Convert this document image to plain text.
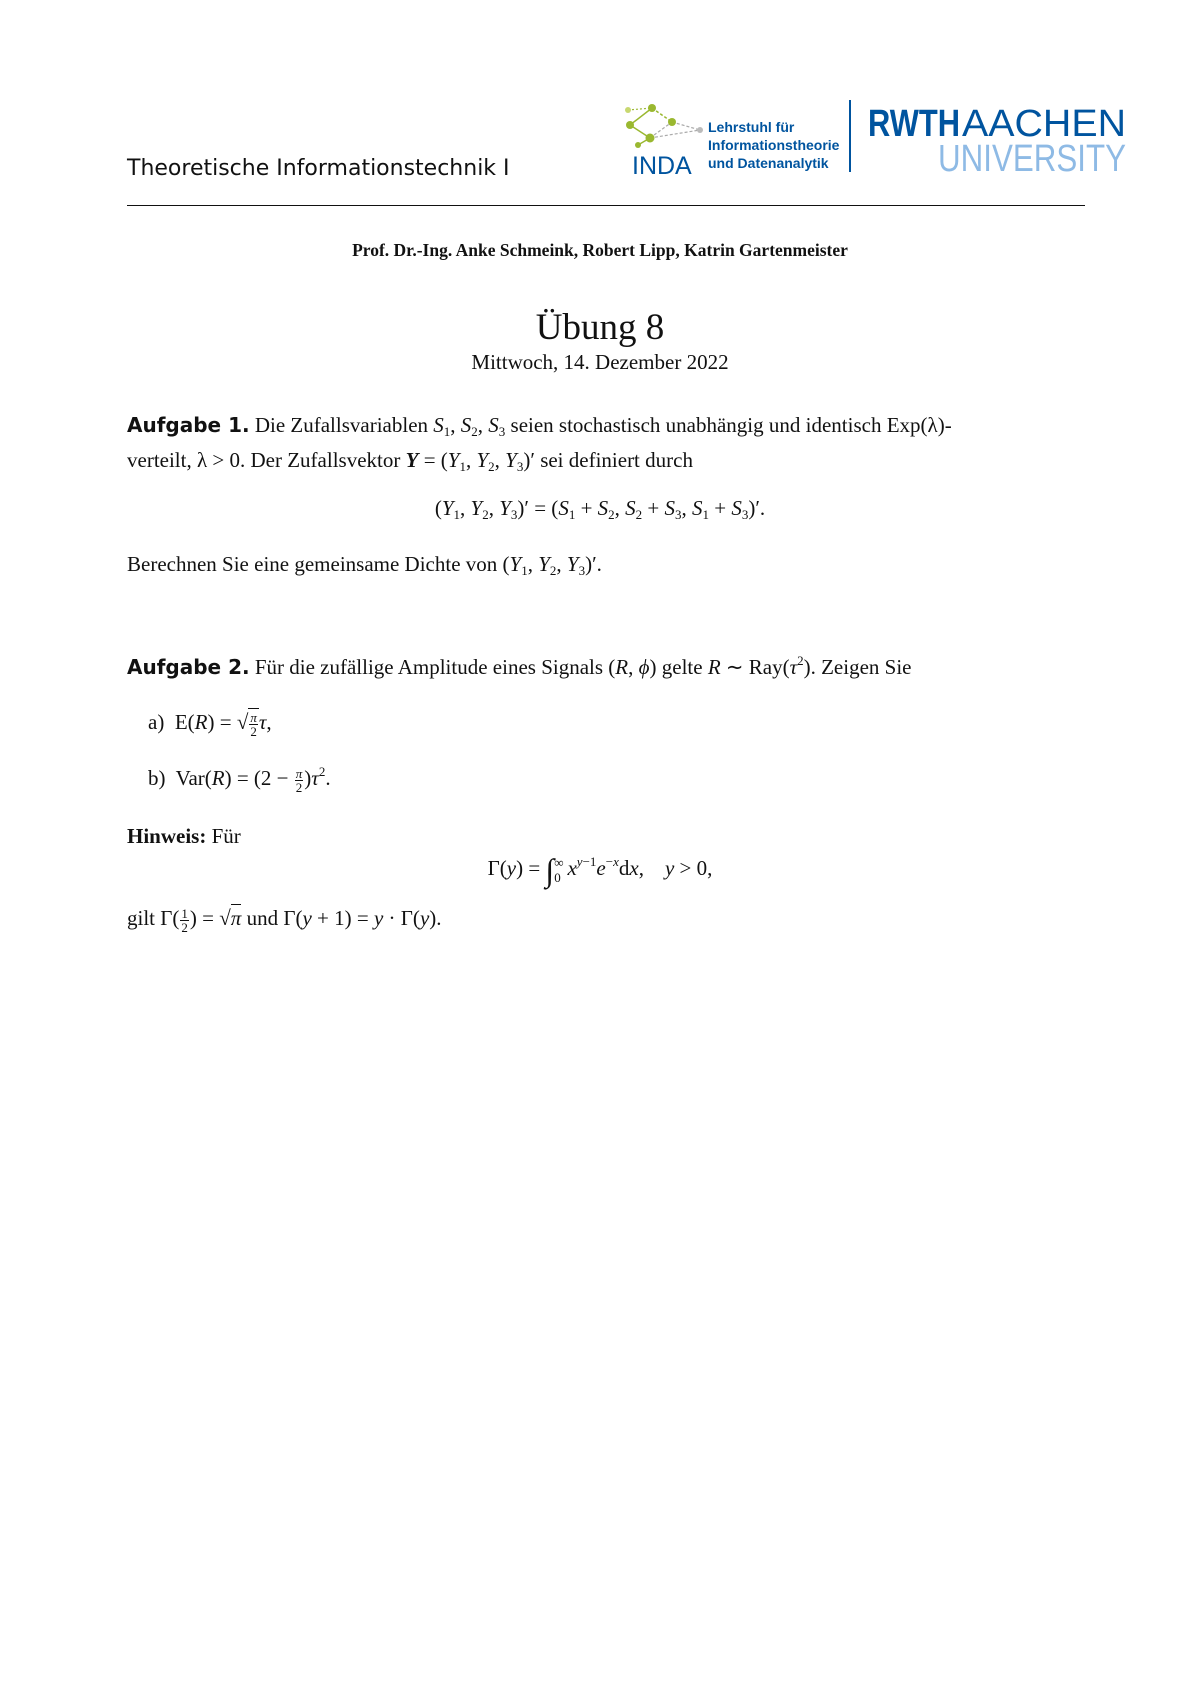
Theoretische Informationstechnik I	INDA
Lehrstuhl für
Informationstheorie
und Datenanalytik
RWTH AACHEN
UNIVERSITY
Prof. Dr.-Ing. Anke Schmeink, Robert Lipp, Katrin Gartenmeister
Übung 8
Mittwoch, 14. Dezember 2022
Aufgabe 1. Die Zufallsvariablen $S_1$, $S_2$, $S_3$ seien stochastisch unabhängig und identisch Exp(λ)-
verteilt, λ > 0. Der Zufallsvektor $Y = (Y_1$, $Y_2$, $Y_3)'$ sei definiert durch
($Y_1$, $Y_2$, $Y_3)' = (S_1 + S_2$, $S_2 + S_3$, $S_1 + S_3)'$.
Berechnen Sie eine gemeinsame Dichte von ($Y_1$, $Y_2$, $Y_3)'$.
Aufgabe 2. Für die zufällige Amplitude eines Signals (R, ϕ) gelte R ∼ $Ray(\tau^2)$. Zeigen Sie
a)  E(R) = √ $\frac{\pi}{2} \tau$,
b)  $Var(R) = (2 - \frac{\pi}{2} )\tau^2$.
Hinweis: Für
Γ(y) = ∫ ∞
0 $x^{y-1}e^{-x}dx$,    y > 0,
gilt $\Gamma( \frac{1}{2}$ ) = √π und Γ(y + 1) = y · Γ(y).
